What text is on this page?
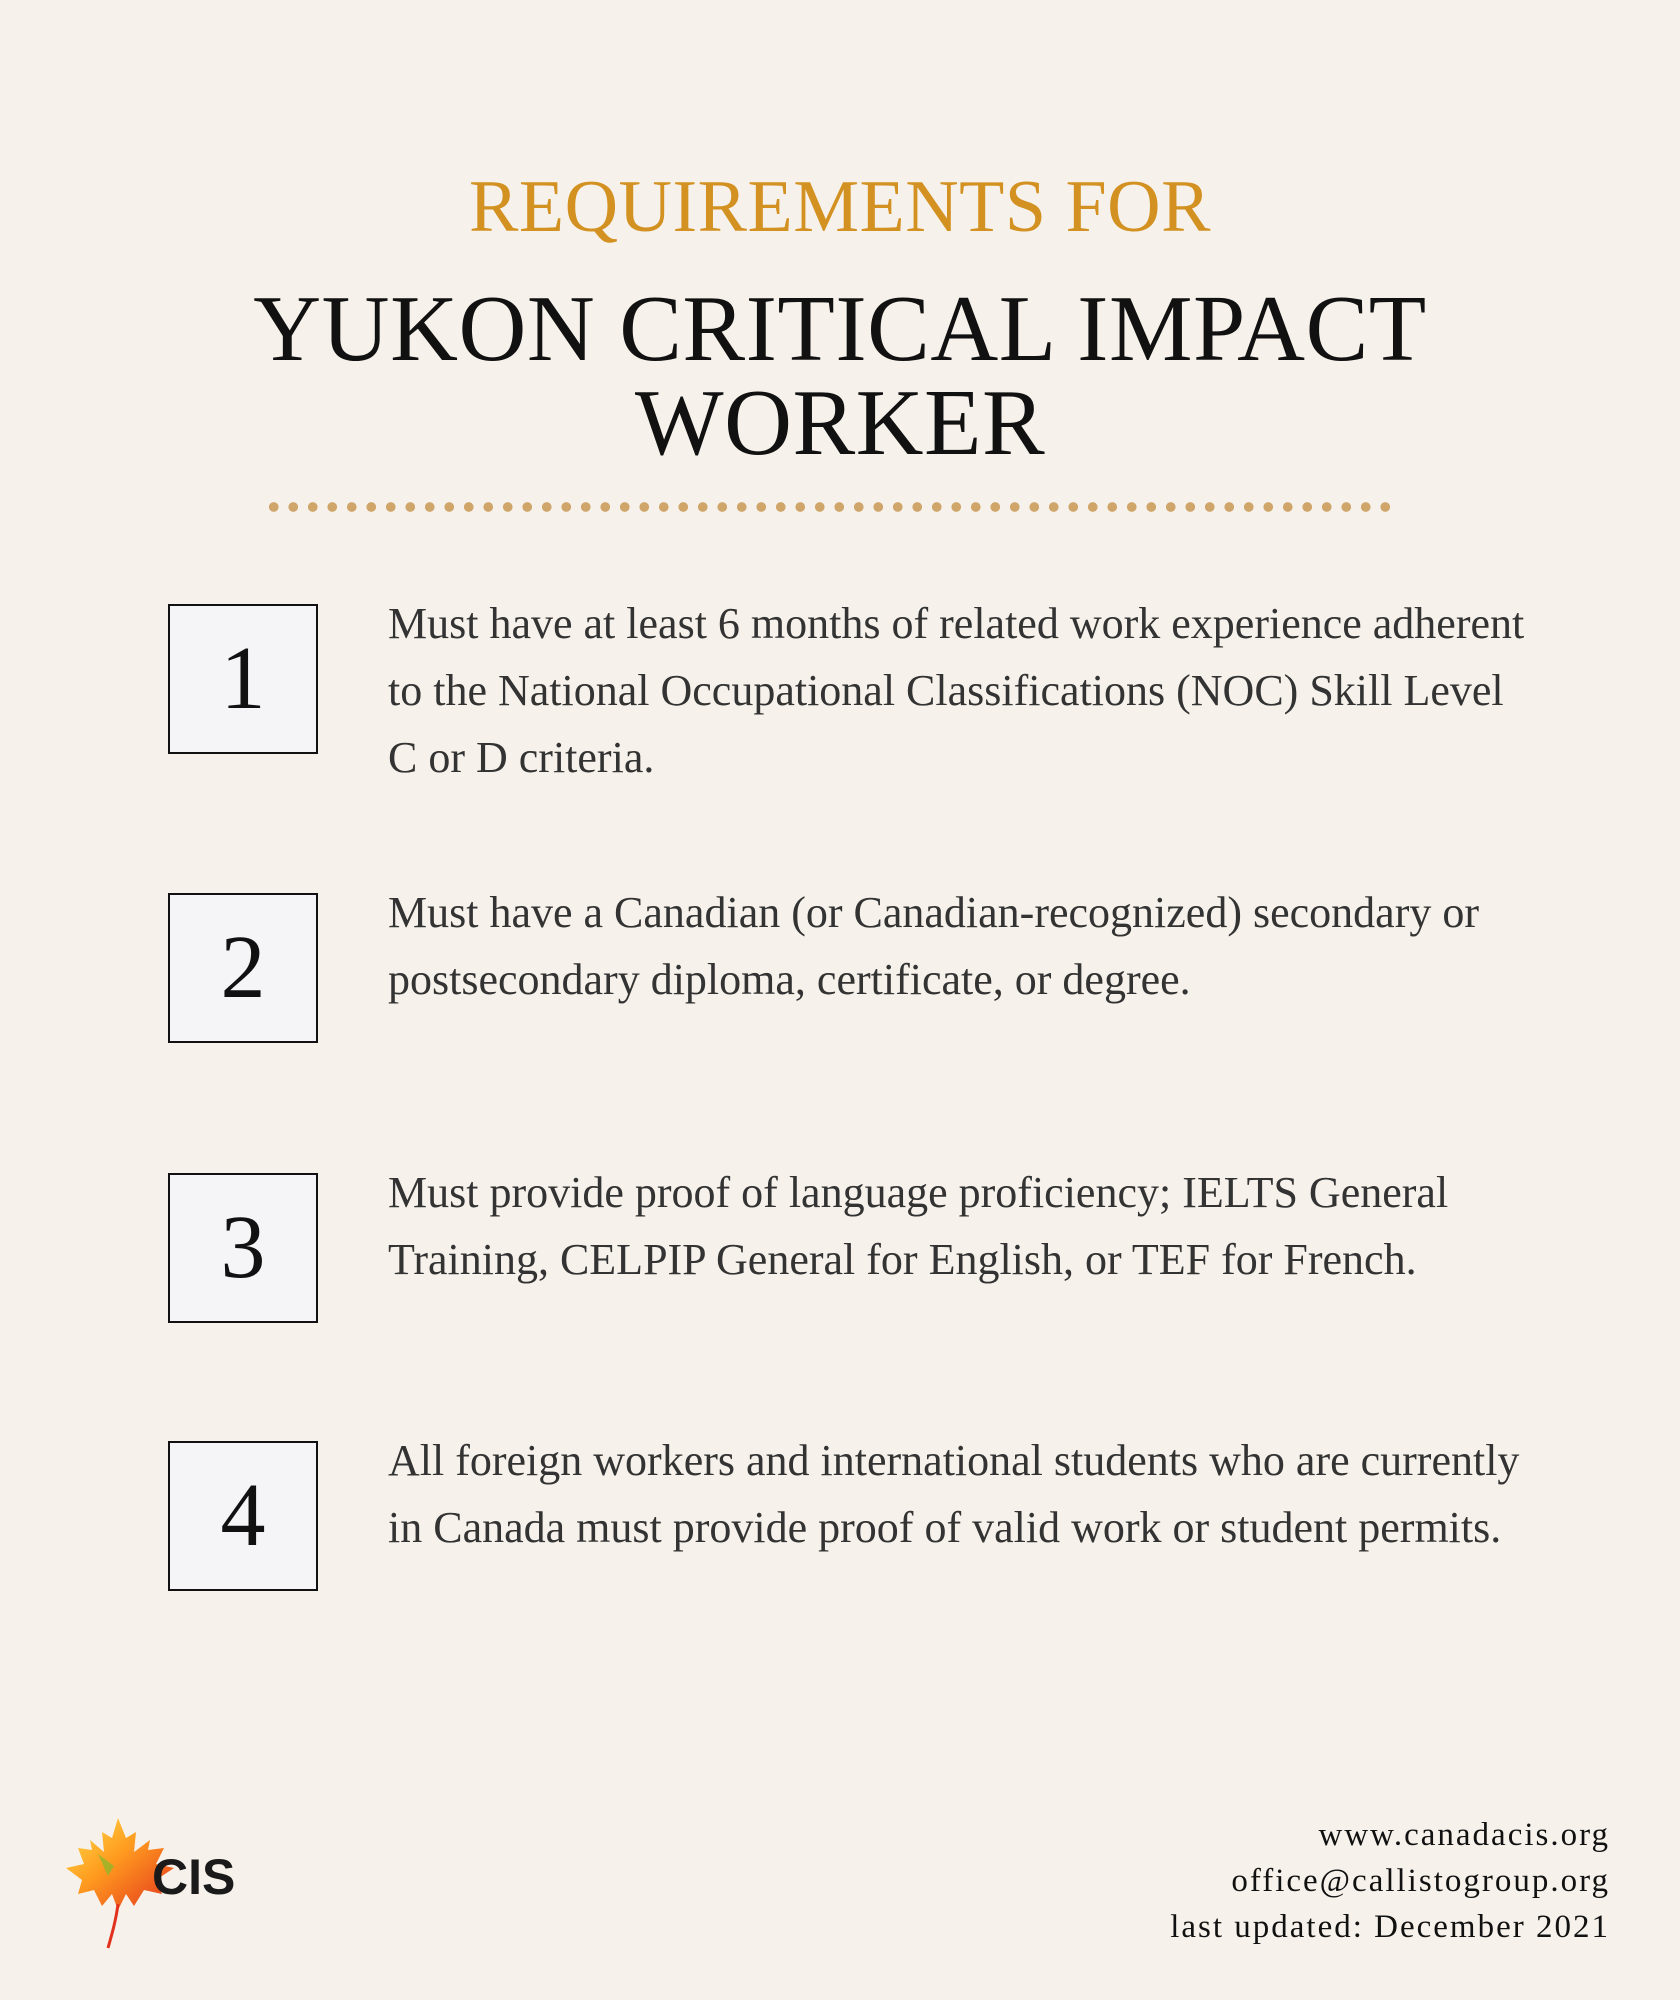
REQUIREMENTS FOR
YUKON CRITICAL IMPACT
WORKER
1

Must have at least 6 months of related work experience adherent to the National Occupational Classifications (NOC) Skill Level C or D criteria.

2

Must have a Canadian (or Canadian-recognized) secondary or postsecondary diploma, certificate, or degree.

3

Must provide proof of language proficiency; IELTS General Training, CELPIP General for English, or TEF for French.

4

All foreign workers and international students who are currently in Canada must provide proof of valid work or student permits.

CIS
www.canadacis.org
office@callistogroup.org
last updated: December 2021
